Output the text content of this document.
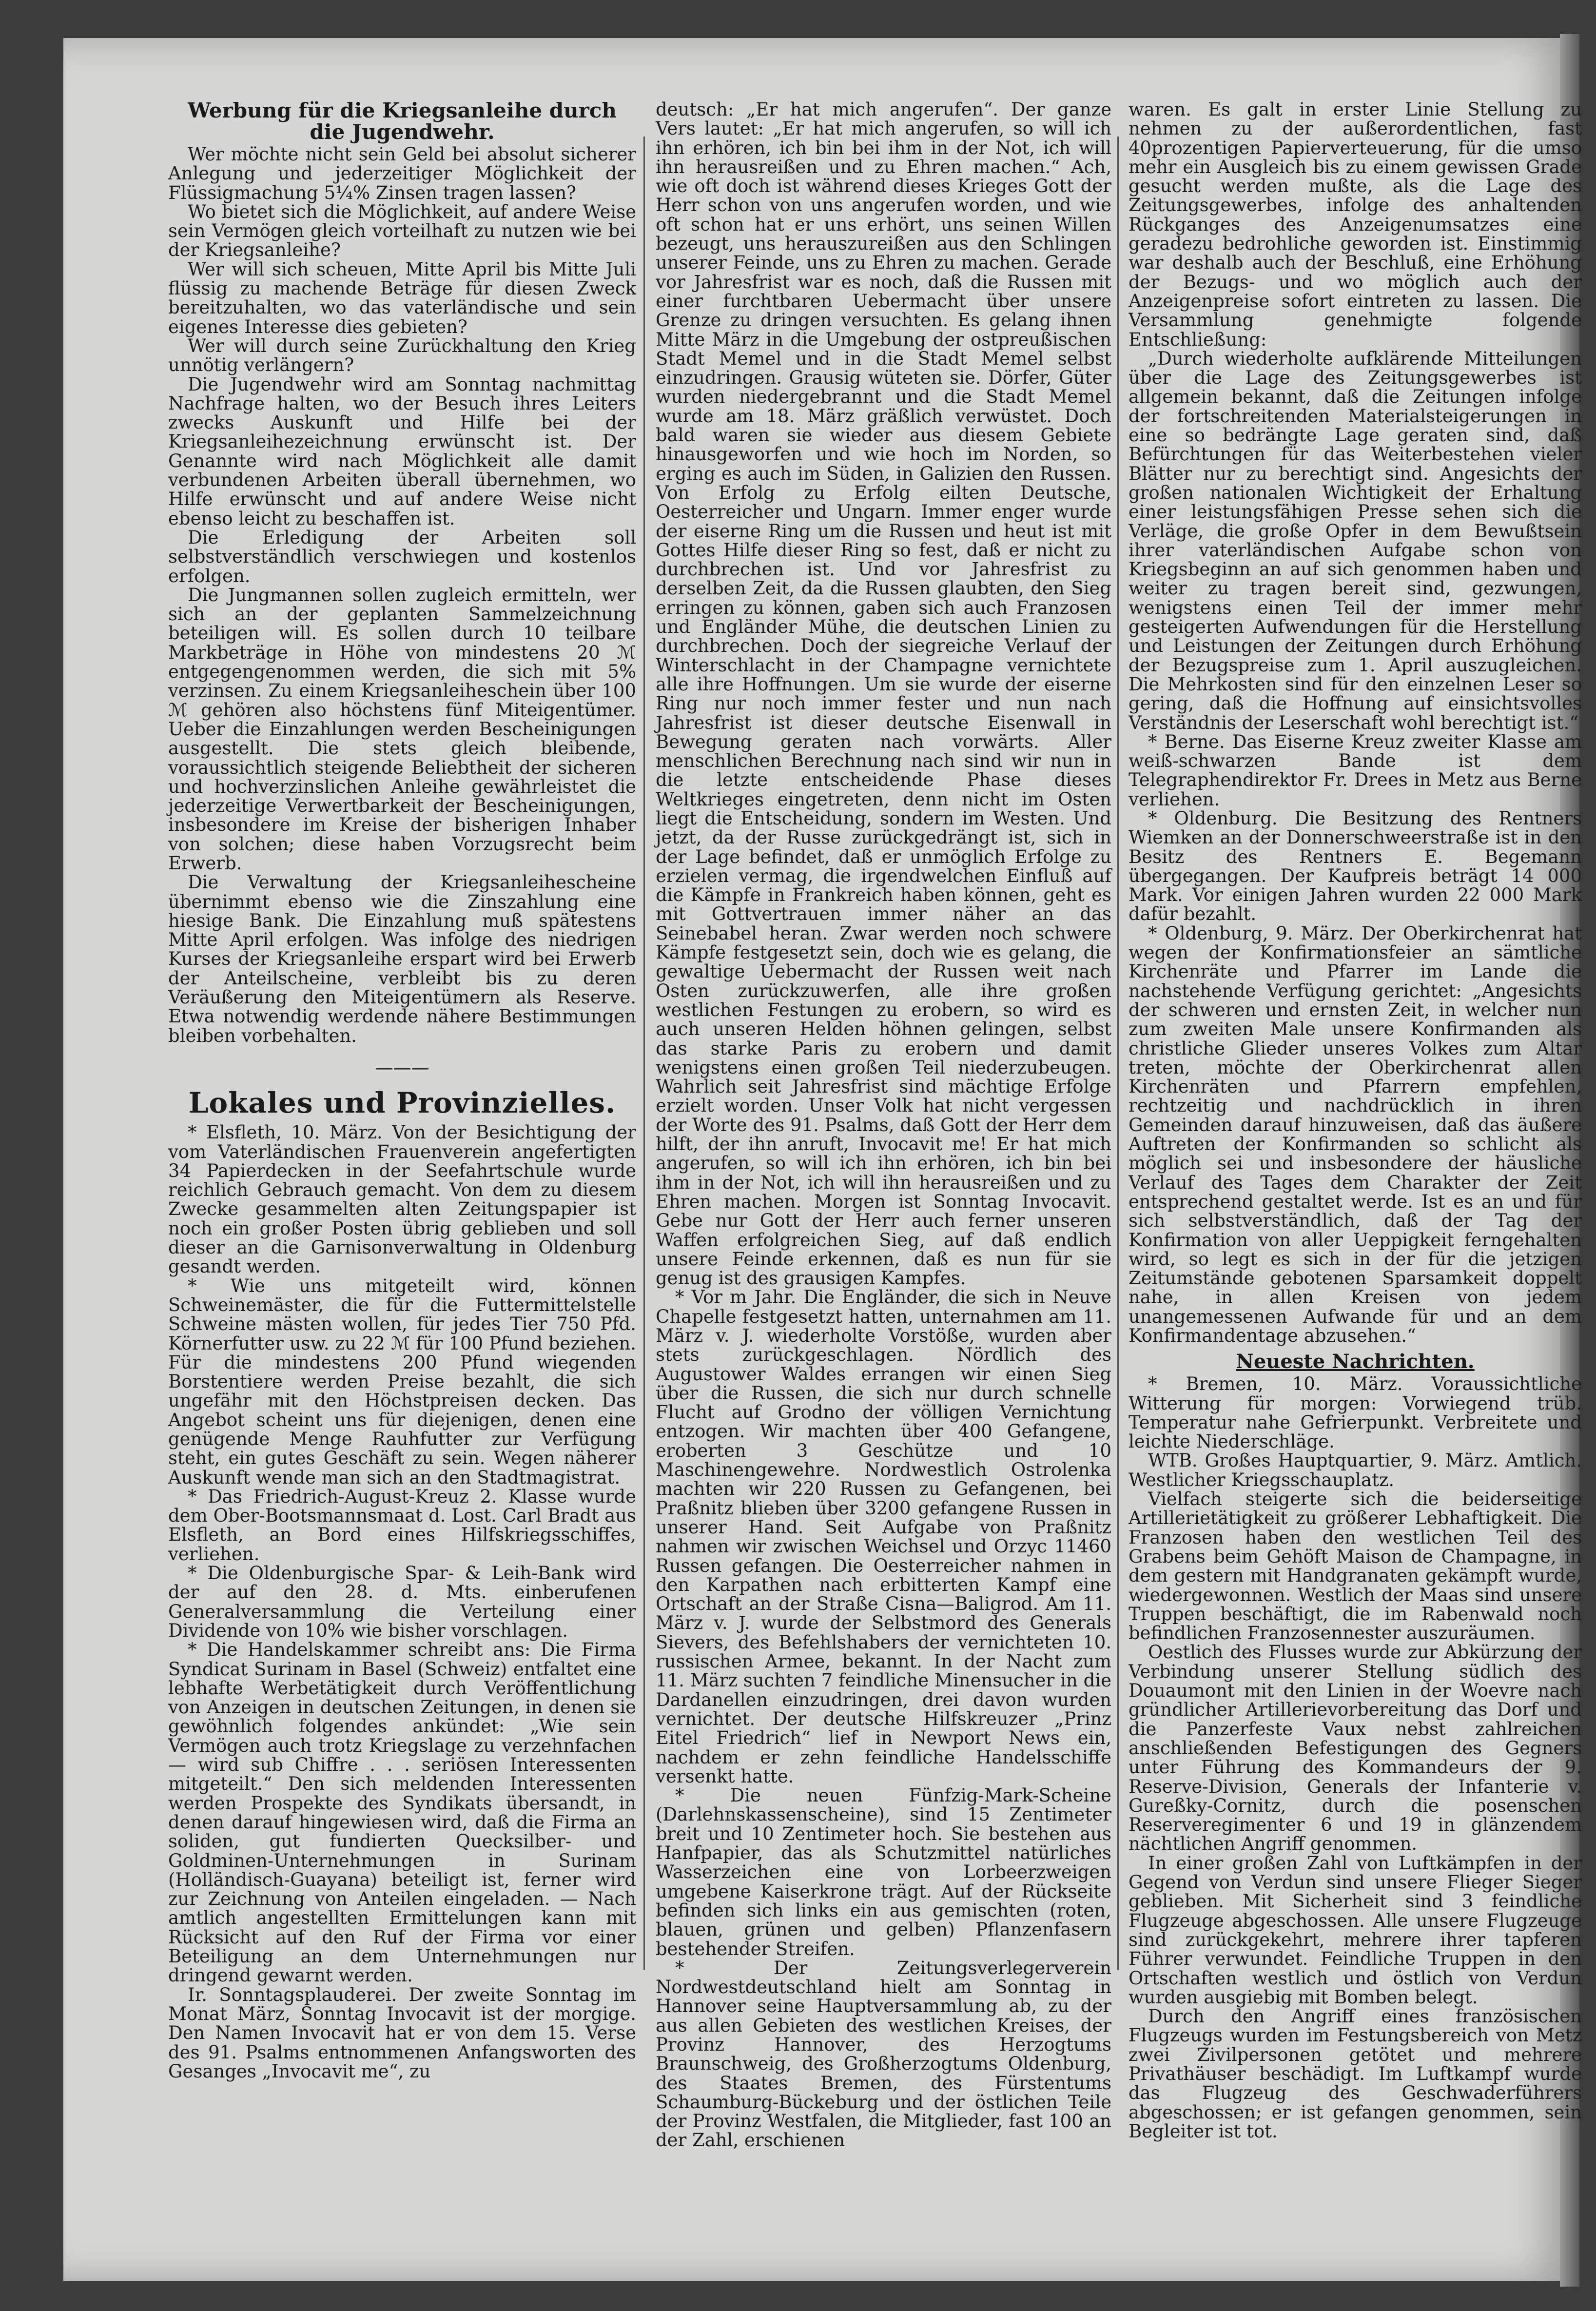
Werbung für die Kriegsanleihe durch die Jugendwehr.

Wer möchte nicht sein Geld bei absolut sicherer Anlegung und jederzeitiger Möglichkeit der Flüssigmachung 5¼% Zinsen tragen lassen?

Wo bietet sich die Möglichkeit, auf andere Weise sein Vermögen gleich vorteilhaft zu nutzen wie bei der Kriegsanleihe?

Wer will sich scheuen, Mitte April bis Mitte Juli flüssig zu machende Beträge für diesen Zweck bereitzuhalten, wo das vaterländische und sein eigenes Interesse dies gebieten?

Wer will durch seine Zurückhaltung den Krieg unnötig verlängern?

Die Jugendwehr wird am Sonntag nachmittag Nachfrage halten, wo der Besuch ihres Leiters zwecks Auskunft und Hilfe bei der Kriegsanleihezeichnung erwünscht ist. Der Genannte wird nach Möglichkeit alle damit verbundenen Arbeiten überall übernehmen, wo Hilfe erwünscht und auf andere Weise nicht ebenso leicht zu beschaffen ist.

Die Erledigung der Arbeiten soll selbstverständlich verschwiegen und kostenlos erfolgen.

Die Jungmannen sollen zugleich ermitteln, wer sich an der geplanten Sammelzeichnung beteiligen will. Es sollen durch 10 teilbare Markbeträge in Höhe von mindestens 20 ℳ entgegengenommen werden, die sich mit 5% verzinsen. Zu einem Kriegsanleiheschein über 100 ℳ gehören also höchstens fünf Miteigentümer. Ueber die Einzahlungen werden Bescheinigungen ausgestellt. Die stets gleich bleibende, voraussichtlich steigende Beliebtheit der sicheren und hochverzinslichen Anleihe gewährleistet die jederzeitige Verwertbarkeit der Bescheinigungen, insbesondere im Kreise der bisherigen Inhaber von solchen; diese haben Vorzugsrecht beim Erwerb.

Die Verwaltung der Kriegsanleihescheine übernimmt ebenso wie die Zinszahlung eine hiesige Bank. Die Einzahlung muß spätestens Mitte April erfolgen. Was infolge des niedrigen Kurses der Kriegsanleihe erspart wird bei Erwerb der Anteilscheine, verbleibt bis zu deren Veräußerung den Miteigentümern als Reserve. Etwa notwendig werdende nähere Bestimmungen bleiben vorbehalten.

———

Lokales und Provinzielles.

* Elsfleth, 10. März. Von der Besichtigung der vom Vaterländischen Frauenverein angefertigten 34 Papierdecken in der Seefahrtschule wurde reichlich Gebrauch gemacht. Von dem zu diesem Zwecke gesammelten alten Zeitungspapier ist noch ein großer Posten übrig geblieben und soll dieser an die Garnisonverwaltung in Oldenburg gesandt werden.

* Wie uns mitgeteilt wird, können Schweinemäster, die für die Futtermittelstelle Schweine mästen wollen, für jedes Tier 750 Pfd. Körnerfutter usw. zu 22 ℳ für 100 Pfund beziehen. Für die mindestens 200 Pfund wiegenden Borstentiere werden Preise bezahlt, die sich ungefähr mit den Höchstpreisen decken. Das Angebot scheint uns für diejenigen, denen eine genügende Menge Rauhfutter zur Verfügung steht, ein gutes Geschäft zu sein. Wegen näherer Auskunft wende man sich an den Stadtmagistrat.

* Das Friedrich-August-Kreuz 2. Klasse wurde dem Ober-Bootsmannsmaat d. Lost. Carl Bradt aus Elsfleth, an Bord eines Hilfskriegsschiffes, verliehen.

* Die Oldenburgische Spar- & Leih-Bank wird der auf den 28. d. Mts. einberufenen Generalversammlung die Verteilung einer Dividende von 10% wie bisher vorschlagen.

* Die Handelskammer schreibt ans: Die Firma Syndicat Surinam in Basel (Schweiz) entfaltet eine lebhafte Werbetätigkeit durch Veröffentlichung von Anzeigen in deutschen Zeitungen, in denen sie gewöhnlich folgendes ankündet: „Wie sein Vermögen auch trotz Kriegslage zu verzehnfachen — wird sub Chiffre . . . seriösen Interessenten mitgeteilt.“ Den sich meldenden Interessenten werden Prospekte des Syndikats übersandt, in denen darauf hingewiesen wird, daß die Firma an soliden, gut fundierten Quecksilber- und Goldminen-Unternehmungen in Surinam (Holländisch-Guayana) beteiligt ist, ferner wird zur Zeichnung von Anteilen eingeladen. — Nach amtlich angestellten Ermittelungen kann mit Rücksicht auf den Ruf der Firma vor einer Beteiligung an dem Unternehmungen nur dringend gewarnt werden.

Ir. Sonntagsplauderei. Der zweite Sonntag im Monat März, Sonntag Invocavit ist der morgige. Den Namen Invocavit hat er von dem 15. Verse des 91. Psalms entnommenen Anfangsworten des Gesanges „Invocavit me“, zu

deutsch: „Er hat mich angerufen“. Der ganze Vers lautet: „Er hat mich angerufen, so will ich ihn erhören, ich bin bei ihm in der Not, ich will ihn herausreißen und zu Ehren machen.“ Ach, wie oft doch ist während dieses Krieges Gott der Herr schon von uns angerufen worden, und wie oft schon hat er uns erhört, uns seinen Willen bezeugt, uns herauszureißen aus den Schlingen unserer Feinde, uns zu Ehren zu machen. Gerade vor Jahresfrist war es noch, daß die Russen mit einer furchtbaren Uebermacht über unsere Grenze zu dringen versuchten. Es gelang ihnen Mitte März in die Umgebung der ostpreußischen Stadt Memel und in die Stadt Memel selbst einzudringen. Grausig wüteten sie. Dörfer, Güter wurden niedergebrannt und die Stadt Memel wurde am 18. März gräßlich verwüstet. Doch bald waren sie wieder aus diesem Gebiete hinausgeworfen und wie hoch im Norden, so erging es auch im Süden, in Galizien den Russen. Von Erfolg zu Erfolg eilten Deutsche, Oesterreicher und Ungarn. Immer enger wurde der eiserne Ring um die Russen und heut ist mit Gottes Hilfe dieser Ring so fest, daß er nicht zu durchbrechen ist. Und vor Jahresfrist zu derselben Zeit, da die Russen glaubten, den Sieg erringen zu können, gaben sich auch Franzosen und Engländer Mühe, die deutschen Linien zu durchbrechen. Doch der siegreiche Verlauf der Winterschlacht in der Champagne vernichtete alle ihre Hoffnungen. Um sie wurde der eiserne Ring nur noch immer fester und nun nach Jahresfrist ist dieser deutsche Eisenwall in Bewegung geraten nach vorwärts. Aller menschlichen Berechnung nach sind wir nun in die letzte entscheidende Phase dieses Weltkrieges eingetreten, denn nicht im Osten liegt die Entscheidung, sondern im Westen. Und jetzt, da der Russe zurückgedrängt ist, sich in der Lage befindet, daß er unmöglich Erfolge zu erzielen vermag, die irgendwelchen Einfluß auf die Kämpfe in Frankreich haben können, geht es mit Gottvertrauen immer näher an das Seinebabel heran. Zwar werden noch schwere Kämpfe festgesetzt sein, doch wie es gelang, die gewaltige Uebermacht der Russen weit nach Osten zurückzuwerfen, alle ihre großen westlichen Festungen zu erobern, so wird es auch unseren Helden höhnen gelingen, selbst das starke Paris zu erobern und damit wenigstens einen großen Teil niederzubeugen. Wahrlich seit Jahresfrist sind mächtige Erfolge erzielt worden. Unser Volk hat nicht vergessen der Worte des 91. Psalms, daß Gott der Herr dem hilft, der ihn anruft, Invocavit me! Er hat mich angerufen, so will ich ihn erhören, ich bin bei ihm in der Not, ich will ihn herausreißen und zu Ehren machen. Morgen ist Sonntag Invocavit. Gebe nur Gott der Herr auch ferner unseren Waffen erfolgreichen Sieg, auf daß endlich unsere Feinde erkennen, daß es nun für sie genug ist des grausigen Kampfes.

* Vor m Jahr. Die Engländer, die sich in Neuve Chapelle festgesetzt hatten, unternahmen am 11. März v. J. wiederholte Vorstöße, wurden aber stets zurückgeschlagen. Nördlich des Augustower Waldes errangen wir einen Sieg über die Russen, die sich nur durch schnelle Flucht auf Grodno der völligen Vernichtung entzogen. Wir machten über 400 Gefangene, eroberten 3 Geschütze und 10 Maschinengewehre. Nordwestlich Ostrolenka machten wir 220 Russen zu Gefangenen, bei Praßnitz blieben über 3200 gefangene Russen in unserer Hand. Seit Aufgabe von Praßnitz nahmen wir zwischen Weichsel und Orzyc 11460 Russen gefangen. Die Oesterreicher nahmen in den Karpathen nach erbitterten Kampf eine Ortschaft an der Straße Cisna—Baligrod. Am 11. März v. J. wurde der Selbstmord des Generals Sievers, des Befehlshabers der vernichteten 10. russischen Armee, bekannt. In der Nacht zum 11. März suchten 7 feindliche Minensucher in die Dardanellen einzudringen, drei davon wurden vernichtet. Der deutsche Hilfskreuzer „Prinz Eitel Friedrich“ lief in Newport News ein, nachdem er zehn feindliche Handelsschiffe versenkt hatte.

* Die neuen Fünfzig-Mark-Scheine (Darlehnskassenscheine), sind 15 Zentimeter breit und 10 Zentimeter hoch. Sie bestehen aus Hanfpapier, das als Schutzmittel natürliches Wasserzeichen eine von Lorbeerzweigen umgebene Kaiserkrone trägt. Auf der Rückseite befinden sich links ein aus gemischten (roten, blauen, grünen und gelben) Pflanzenfasern bestehender Streifen.

* Der Zeitungsverlegerverein Nordwestdeutschland hielt am Sonntag in Hannover seine Hauptversammlung ab, zu der aus allen Gebieten des westlichen Kreises, der Provinz Hannover, des Herzogtums Braunschweig, des Großherzogtums Oldenburg, des Staates Bremen, des Fürstentums Schaumburg-Bückeburg und der östlichen Teile der Provinz Westfalen, die Mitglieder, fast 100 an der Zahl, erschienen

waren. Es galt in erster Linie Stellung zu nehmen zu der außerordentlichen, fast 40prozentigen Papierverteuerung, für die umso mehr ein Ausgleich bis zu einem gewissen Grade gesucht werden mußte, als die Lage des Zeitungsgewerbes, infolge des anhaltenden Rückganges des Anzeigenumsatzes eine geradezu bedrohliche geworden ist. Einstimmig war deshalb auch der Beschluß, eine Erhöhung der Bezugs- und wo möglich auch der Anzeigenpreise sofort eintreten zu lassen. Die Versammlung genehmigte folgende Entschließung:

„Durch wiederholte aufklärende Mitteilungen über die Lage des Zeitungsgewerbes ist allgemein bekannt, daß die Zeitungen infolge der fortschreitenden Materialsteigerungen in eine so bedrängte Lage geraten sind, daß Befürchtungen für das Weiterbestehen vieler Blätter nur zu berechtigt sind. Angesichts der großen nationalen Wichtigkeit der Erhaltung einer leistungsfähigen Presse sehen sich die Verläge, die große Opfer in dem Bewußtsein ihrer vaterländischen Aufgabe schon von Kriegsbeginn an auf sich genommen haben und weiter zu tragen bereit sind, gezwungen, wenigstens einen Teil der immer mehr gesteigerten Aufwendungen für die Herstellung und Leistungen der Zeitungen durch Erhöhung der Bezugspreise zum 1. April auszugleichen. Die Mehrkosten sind für den einzelnen Leser so gering, daß die Hoffnung auf einsichtsvolles Verständnis der Leserschaft wohl berechtigt ist.“

* Berne. Das Eiserne Kreuz zweiter Klasse am weiß-schwarzen Bande ist dem Telegraphendirektor Fr. Drees in Metz aus Berne verliehen.

* Oldenburg. Die Besitzung des Rentners Wiemken an der Donnerschweerstraße ist in den Besitz des Rentners E. Begemann übergegangen. Der Kaufpreis beträgt 14 000 Mark. Vor einigen Jahren wurden 22 000 Mark dafür bezahlt.

* Oldenburg, 9. März. Der Oberkirchenrat hat wegen der Konfirmationsfeier an sämtliche Kirchenräte und Pfarrer im Lande die nachstehende Verfügung gerichtet: „Angesichts der schweren und ernsten Zeit, in welcher nun zum zweiten Male unsere Konfirmanden als christliche Glieder unseres Volkes zum Altar treten, möchte der Oberkirchenrat allen Kirchenräten und Pfarrern empfehlen, rechtzeitig und nachdrücklich in ihren Gemeinden darauf hinzuweisen, daß das äußere Auftreten der Konfirmanden so schlicht als möglich sei und insbesondere der häusliche Verlauf des Tages dem Charakter der Zeit entsprechend gestaltet werde. Ist es an und für sich selbstverständlich, daß der Tag der Konfirmation von aller Ueppigkeit ferngehalten wird, so legt es sich in der für die jetzigen Zeitumstände gebotenen Sparsamkeit doppelt nahe, in allen Kreisen von jedem unangemessenen Aufwande für und an dem Konfirmandentage abzusehen.“

Neueste Nachrichten.

* Bremen, 10. März. Voraussichtliche Witterung für morgen: Vorwiegend trüb. Temperatur nahe Gefrierpunkt. Verbreitete und leichte Niederschläge.

WTB. Großes Hauptquartier, 9. März. Amtlich. Westlicher Kriegsschauplatz.

Vielfach steigerte sich die beiderseitige Artillerietätigkeit zu größerer Lebhaftigkeit. Die Franzosen haben den westlichen Teil des Grabens beim Gehöft Maison de Champagne, in dem gestern mit Handgranaten gekämpft wurde, wiedergewonnen. Westlich der Maas sind unsere Truppen beschäftigt, die im Rabenwald noch befindlichen Franzosennester auszuräumen.

Oestlich des Flusses wurde zur Abkürzung der Verbindung unserer Stellung südlich des Douaumont mit den Linien in der Woevre nach gründlicher Artillerievorbereitung das Dorf und die Panzerfeste Vaux nebst zahlreichen anschließenden Befestigungen des Gegners unter Führung des Kommandeurs der 9. Reserve-Division, Generals der Infanterie v. Gureßky-Cornitz, durch die posenschen Reserveregimenter 6 und 19 in glänzendem nächtlichen Angriff genommen.

In einer großen Zahl von Luftkämpfen in der Gegend von Verdun sind unsere Flieger Sieger geblieben. Mit Sicherheit sind 3 feindliche Flugzeuge abgeschossen. Alle unsere Flugzeuge sind zurückgekehrt, mehrere ihrer tapferen Führer verwundet. Feindliche Truppen in den Ortschaften westlich und östlich von Verdun wurden ausgiebig mit Bomben belegt.

Durch den Angriff eines französischen Flugzeugs wurden im Festungsbereich von Metz zwei Zivilpersonen getötet und mehrere Privathäuser beschädigt. Im Luftkampf wurde das Flugzeug des Geschwaderführers abgeschossen; er ist gefangen genommen, sein Begleiter ist tot.
